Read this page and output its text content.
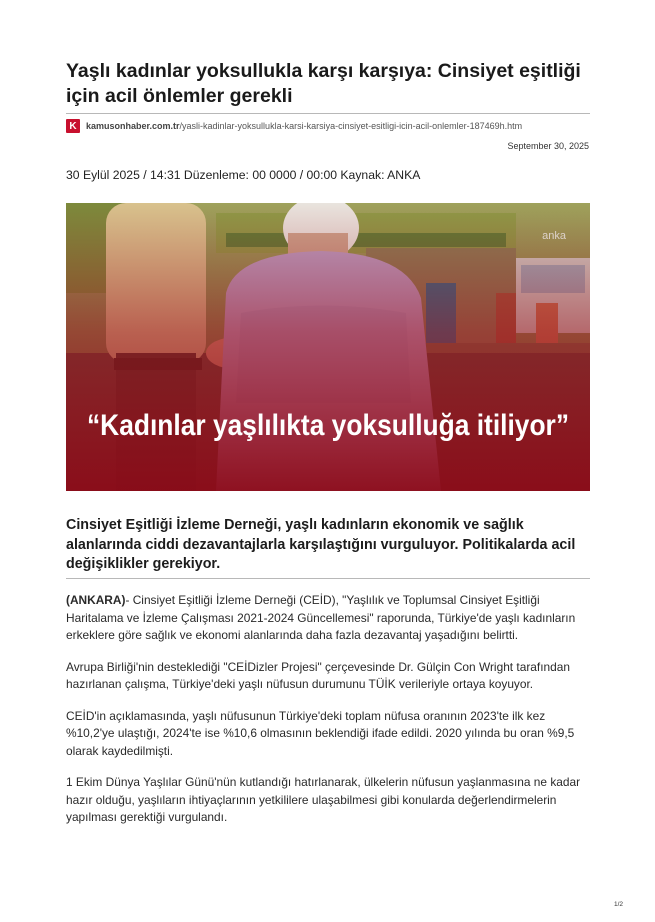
Yaşlı kadınlar yoksullukla karşı karşıya: Cinsiyet eşitliği için acil önlemler gerekli
K	kamusonhaber.com.tr/yasli-kadinlar-yoksullukla-karsi-karsiya-cinsiyet-esitligi-icin-acil-onlemler-187469h.htm
September 30, 2025
30 Eylül 2025 / 14:31 Düzenleme: 00 0000 / 00:00 Kaynak: ANKA
anka
“Kadınlar yaşlılıkta yoksulluğa itiliyor”

Cinsiyet Eşitliği İzleme Derneği, yaşlı kadınların ekonomik ve sağlık alanlarında ciddi dezavantajlarla karşılaştığını vurguluyor. Politikalarda acil değişiklikler gerekiyor.

(ANKARA)- Cinsiyet Eşitliği İzleme Derneği (CEİD), "Yaşlılık ve Toplumsal Cinsiyet Eşitliği Haritalama ve İzleme Çalışması 2021-2024 Güncellemesi" raporunda, Türkiye'de yaşlı kadınların erkeklere göre sağlık ve ekonomi alanlarında daha fazla dezavantaj yaşadığını belirtti.

Avrupa Birliği'nin desteklediği "CEİDizler Projesi" çerçevesinde Dr. Gülçin Con Wright tarafından hazırlanan çalışma, Türkiye'deki yaşlı nüfusun durumunu TÜİK verileriyle ortaya koyuyor.

CEİD'in açıklamasında, yaşlı nüfusunun Türkiye'deki toplam nüfusa oranının 2023'te ilk kez %10,2'ye ulaştığı, 2024'te ise %10,6 olmasının beklendiği ifade edildi. 2020 yılında bu oran %9,5 olarak kaydedilmişti.

1 Ekim Dünya Yaşlılar Günü'nün kutlandığı hatırlanarak, ülkelerin nüfusun yaşlanmasına ne kadar hazır olduğu, yaşlıların ihtiyaçlarının yetkililere ulaşabilmesi gibi konularda değerlendirmelerin yapılması gerektiği vurgulandı.

1/2
